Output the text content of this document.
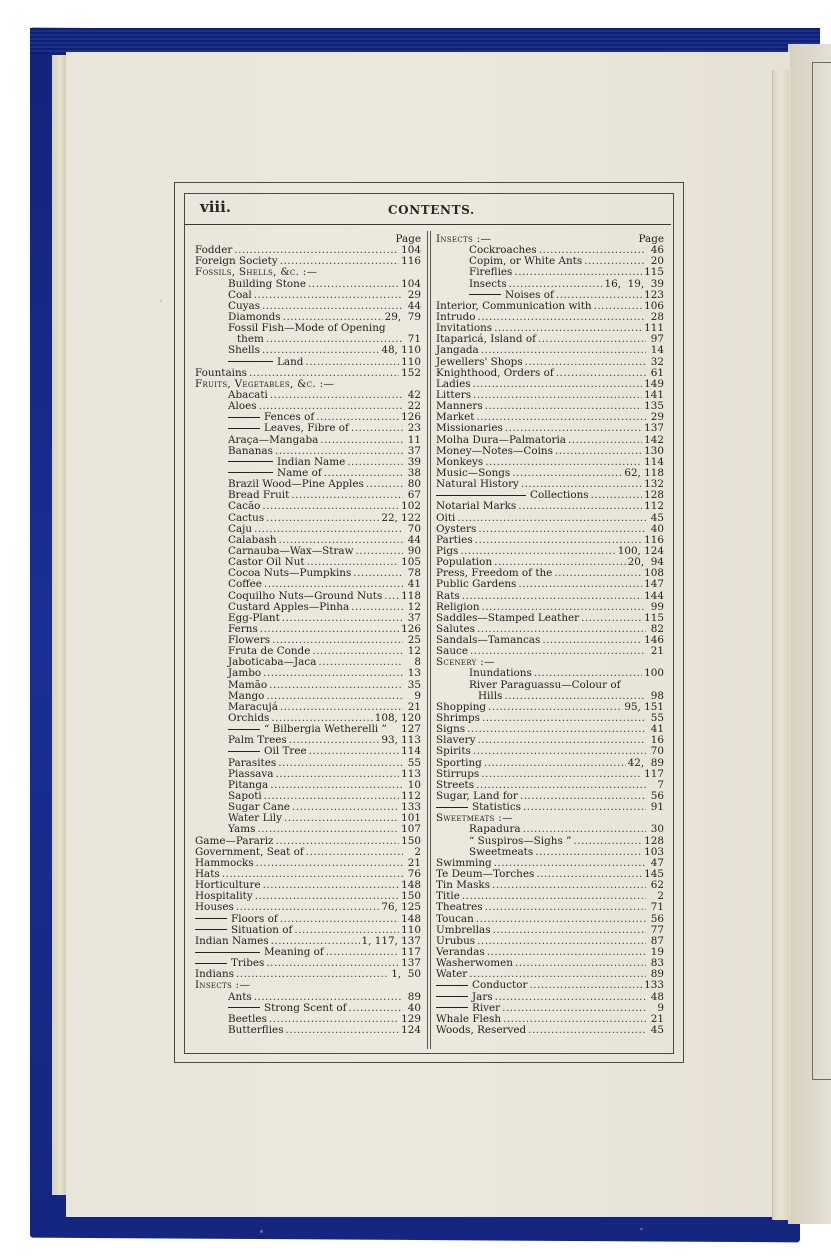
viii.	CONTENTS.
Page
Fodder .....	104
Foreign Society .....	116
Fossils, Shells, &c. :—
Building Stone .....	104
Coal .....	29
Cuyas .....	44
Diamonds .....	29,  79
Fossil Fish—Mode of Opening
them .....	71
Shells .....	48, 110
Land .....	110
Fountains .....	152
Fruits, Vegetables, &c. :—
Abacati .....	42
Aloes .....	22
Fences of .....	126
Leaves, Fibre of .....	23
Araça—Mangaba .....	11
Bananas .....	37
Indian Name .....	39
Name of .....	38
Brazil Wood—Pine Apples .....	80
Bread Fruit .....	67
Cacão .....	102
Cactus .....	22, 122
Caju .....	70
Calabash .....	44
Carnauba—Wax—Straw .....	90
Castor Oil Nut .....	105
Cocoa Nuts—Pumpkins .....	78
Coffee .....	41
Coquilho Nuts—Ground Nuts ..... 118
Custard Apples—Pinha .....	12
Egg-Plant .....	37
Ferns .....	126
Flowers .....	25
Fruta de Conde .....	12
Jaboticaba—Jaca .....	8
Jambo .....	13
Mamão .....	35
Mango .....	9
Maracujá .....	21
Orchids .....	108, 120
“ Bilbergia Wetherelli ” 127
Palm Trees .....	93, 113
Oil Tree .....	114
Parasites .....	55
Piassava .....	113
Pitanga .....	10
Sapoti .....	112
Sugar Cane .....	133
Water Lily .....	101
Yams .....	107
Game—Parariz .....	150
Government, Seat of .....	2
Hammocks .....	21
Hats .....	76
Horticulture .....	148
Hospitality .....	150
Houses .....	76, 125
Floors of .....	148
Situation of .....	110
Indian Names .....	1, 117, 137
Meaning of .....	117
Tribes .....	137
Indians .....	1,  50
Insects :—
Ants .....	89
Strong Scent of .....	40
Beetles .....	129
Butterflies .....	124
Insects :—	Page
Cockroaches .....	46
Copim, or White Ants .....	20
Fireflies .....	115
Insects .....	16,  19,  39
Noises of .....	123
Interior, Communication with .....	106
Intrudo .....	28
Invitations .....	111
Itaparicá, Island of .....	97
Jangada .....	14
Jewellers' Shops .....	32
Knighthood, Orders of .....	61
Ladies .....	149
Litters .....	141
Manners .....	135
Market .....	29
Missionaries .....	137
Molha Dura—Palmatoria .....	142
Money—Notes—Coins .....	130
Monkeys .....	114
Music—Songs .....	62, 118
Natural History .....	132
Collections .....	128
Notarial Marks .....	112
Oiti .....	45
Oysters .....	40
Parties .....	116
Pigs .....	100, 124
Population .....	20,  94
Press, Freedom of the .....	108
Public Gardens .....	147
Rats .....	144
Religion .....	99
Saddles—Stamped Leather .....	115
Salutes .....	82
Sandals—Tamancas .....	146
Sauce .....	21
Scenery :—
Inundations .....	100
River Paraguassu—Colour of
Hills .....	98
Shopping .....	95, 151
Shrimps .....	55
Signs .....	41
Slavery .....	16
Spirits .....	70
Sporting .....	42,  89
Stirrups .....	117
Streets .....	7
Sugar, Land for .....	56
Statistics .....	91
Sweetmeats :—
Rapadura .....	30
“ Suspiros—Sighs ” .....	128
Sweetmeats .....	103
Swimming .....	47
Te Deum—Torches .....	145
Tin Masks .....	62
Title .....	2
Theatres .....	71
Toucan .....	56
Umbrellas .....	77
Urubus .....	87
Verandas .....	19
Washerwomen .....	83
Water .....	89
Conductor .....	133
Jars .....	48
River .....	9
Whale Flesh .....	21
Woods, Reserved .....	45
